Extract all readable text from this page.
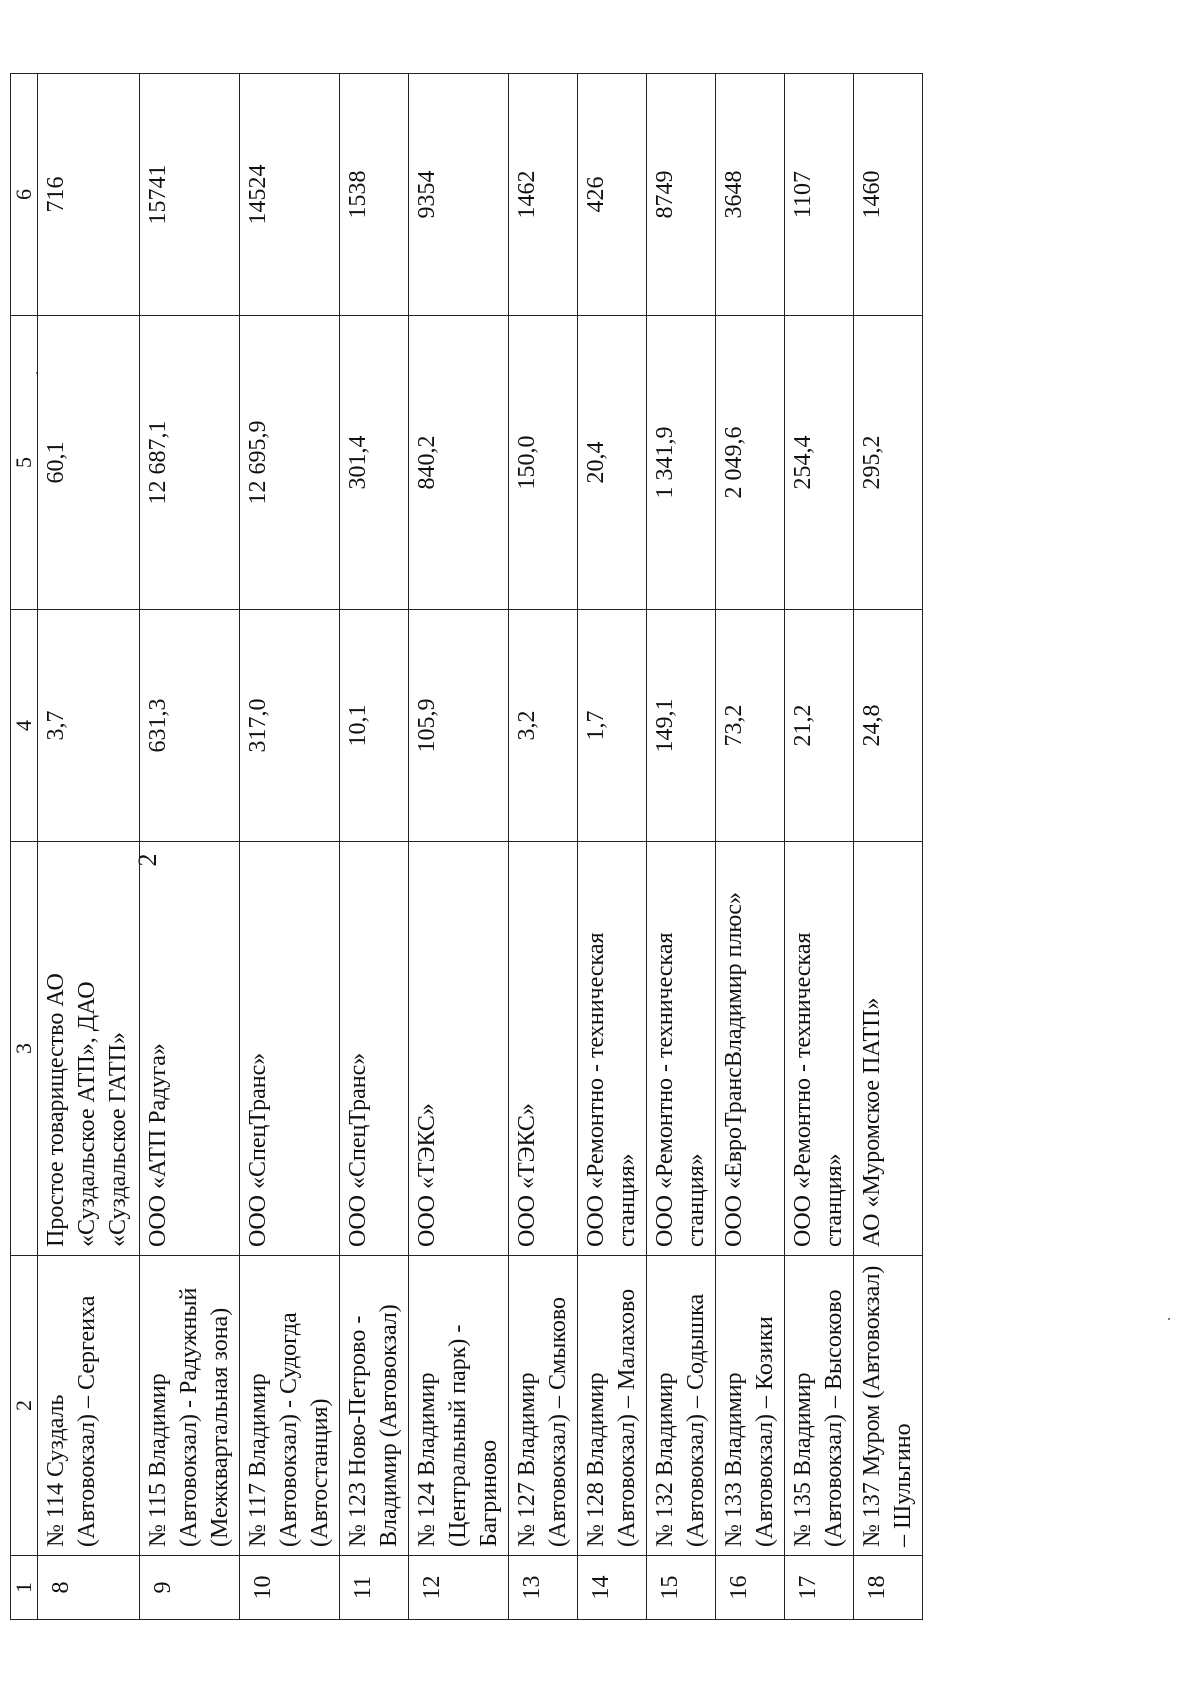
2
1	2	3	4	5	6
8	№ 114 Суздаль (Автовокзал) – Сергеиха	Простое товарищество АО «Суздальское АТП», ДАО «Суздальское ГАТП»	3,7	60,1	716
9	№ 115 Владимир (Автовокзал) - Радужный (Межквартальная зона)	ООО «АТП Радуга»	631,3	12 687,1	15741
10	№ 117 Владимир (Автовокзал) - Судогда (Автостанция)	ООО «СпецТранс»	317,0	12 695,9	14524
11	№ 123 Ново-Петрово - Владимир (Автовокзал)	ООО «СпецТранс»	10,1	301,4	1538
12	№ 124 Владимир (Центральный парк) - Багриново	ООО «ТЭКС»	105,9	840,2	9354
13	№ 127 Владимир (Автовокзал) – Смыково	ООО «ТЭКС»	3,2	150,0	1462
14	№ 128 Владимир (Автовокзал) – Малахово	ООО «Ремонтно - техническая станция»	1,7	20,4	426
15	№ 132 Владимир (Автовокзал) – Содышка	ООО «Ремонтно - техническая станция»	149,1	1 341,9	8749
16	№ 133 Владимир (Автовокзал) – Козики	ООО «ЕвроТрансВладимир плюс»	73,2	2 049,6	3648
17	№ 135 Владимир (Автовокзал) – Высоково	ООО «Ремонтно - техническая станция»	21,2	254,4	1107
18	№ 137 Муром (Автовокзал) – Шульгино	АО «Муромское ПАТП»	24,8	295,2	1460
